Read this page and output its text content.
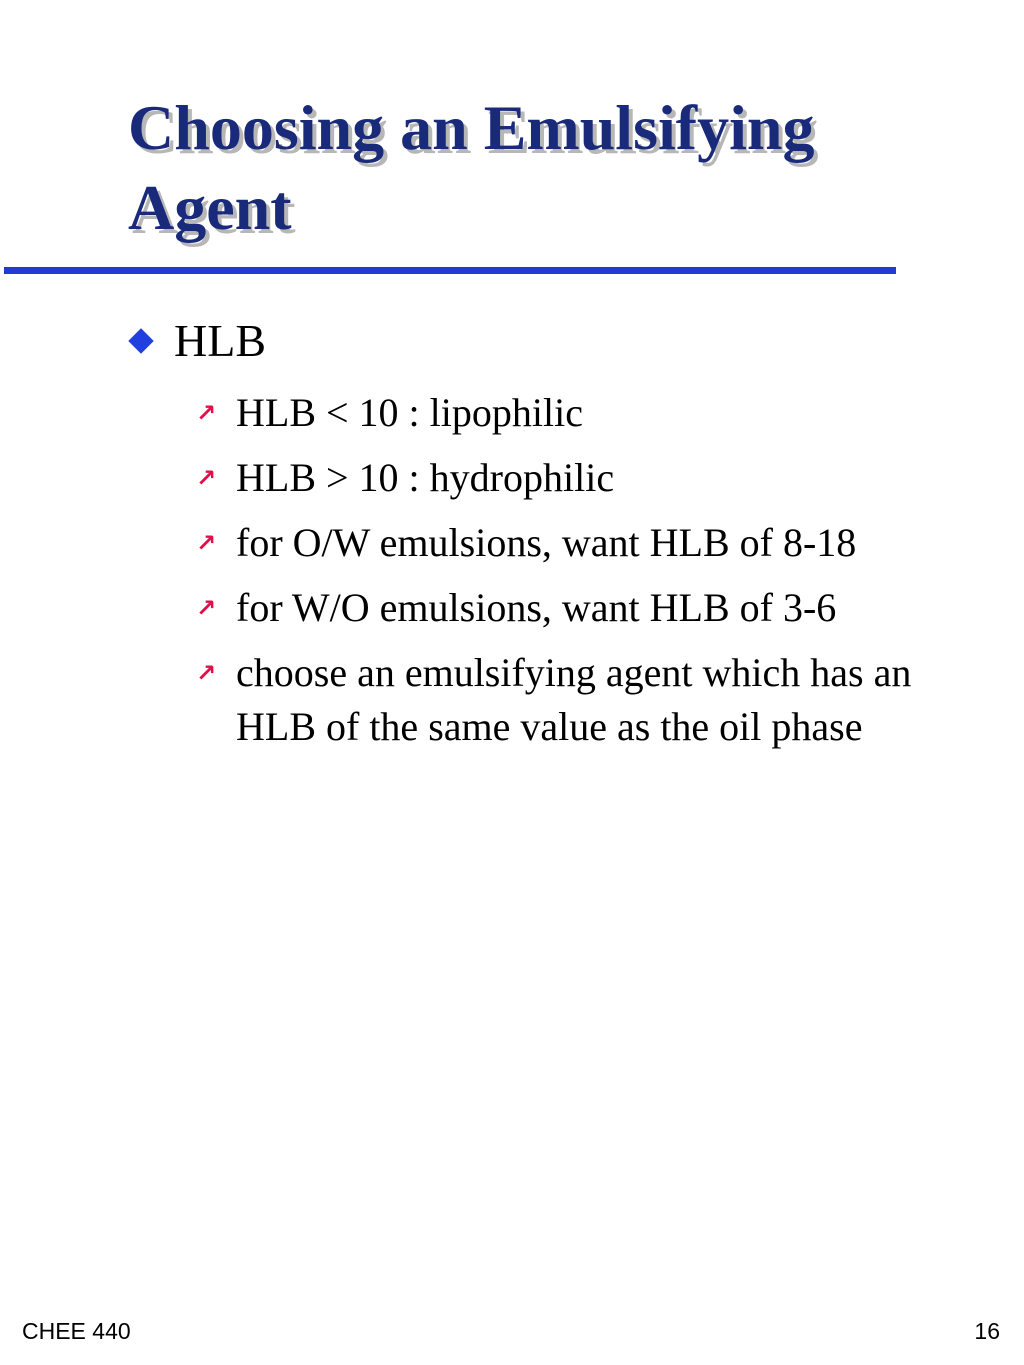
Choosing an Emulsifying Agent
HLB
↗ HLB < 10 : lipophilic
↗ HLB > 10 : hydrophilic
↗ for O/W emulsions, want HLB of 8-18
↗ for W/O emulsions, want HLB of 3-6
↗ choose an emulsifying agent which has an HLB of the same value as the oil phase
CHEE 440	16
